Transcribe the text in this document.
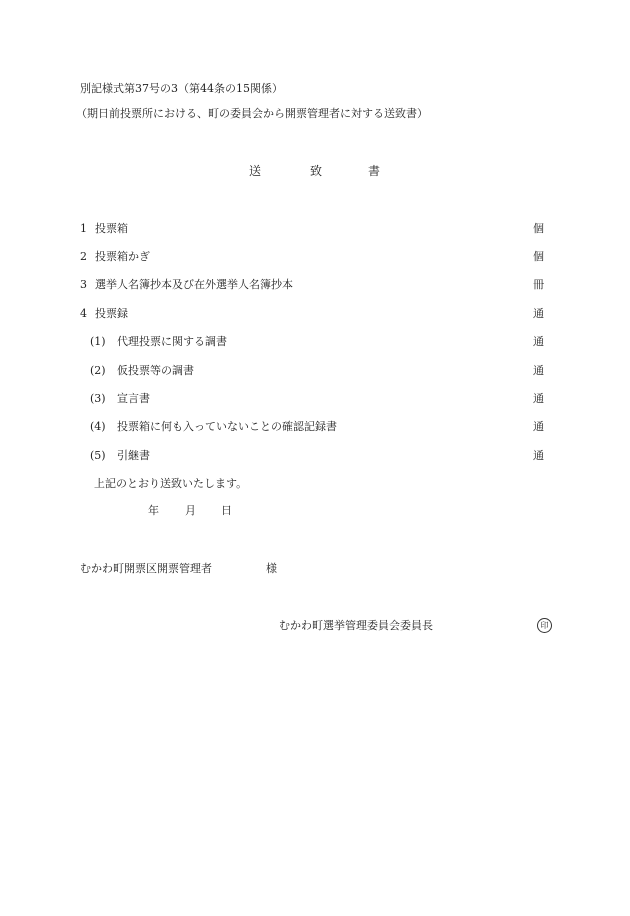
別記様式第37号の3（第44条の15関係）
（期日前投票所における、町の委員会から開票管理者に対する送致書）
送	致	書
1 投票箱	個
2 投票箱かぎ	個
3 選挙人名簿抄本及び在外選挙人名簿抄本	冊
4 投票録	通
(1) 代理投票に関する調書	通
(2) 仮投票等の調書	通
(3) 宣言書	通
(4) 投票箱に何も入っていないことの確認記録書	通
(5) 引継書	通
上記のとおり送致いたします。
年 月 日
むかわ町開票区開票管理者	様
むかわ町選挙管理委員会委員長	印
